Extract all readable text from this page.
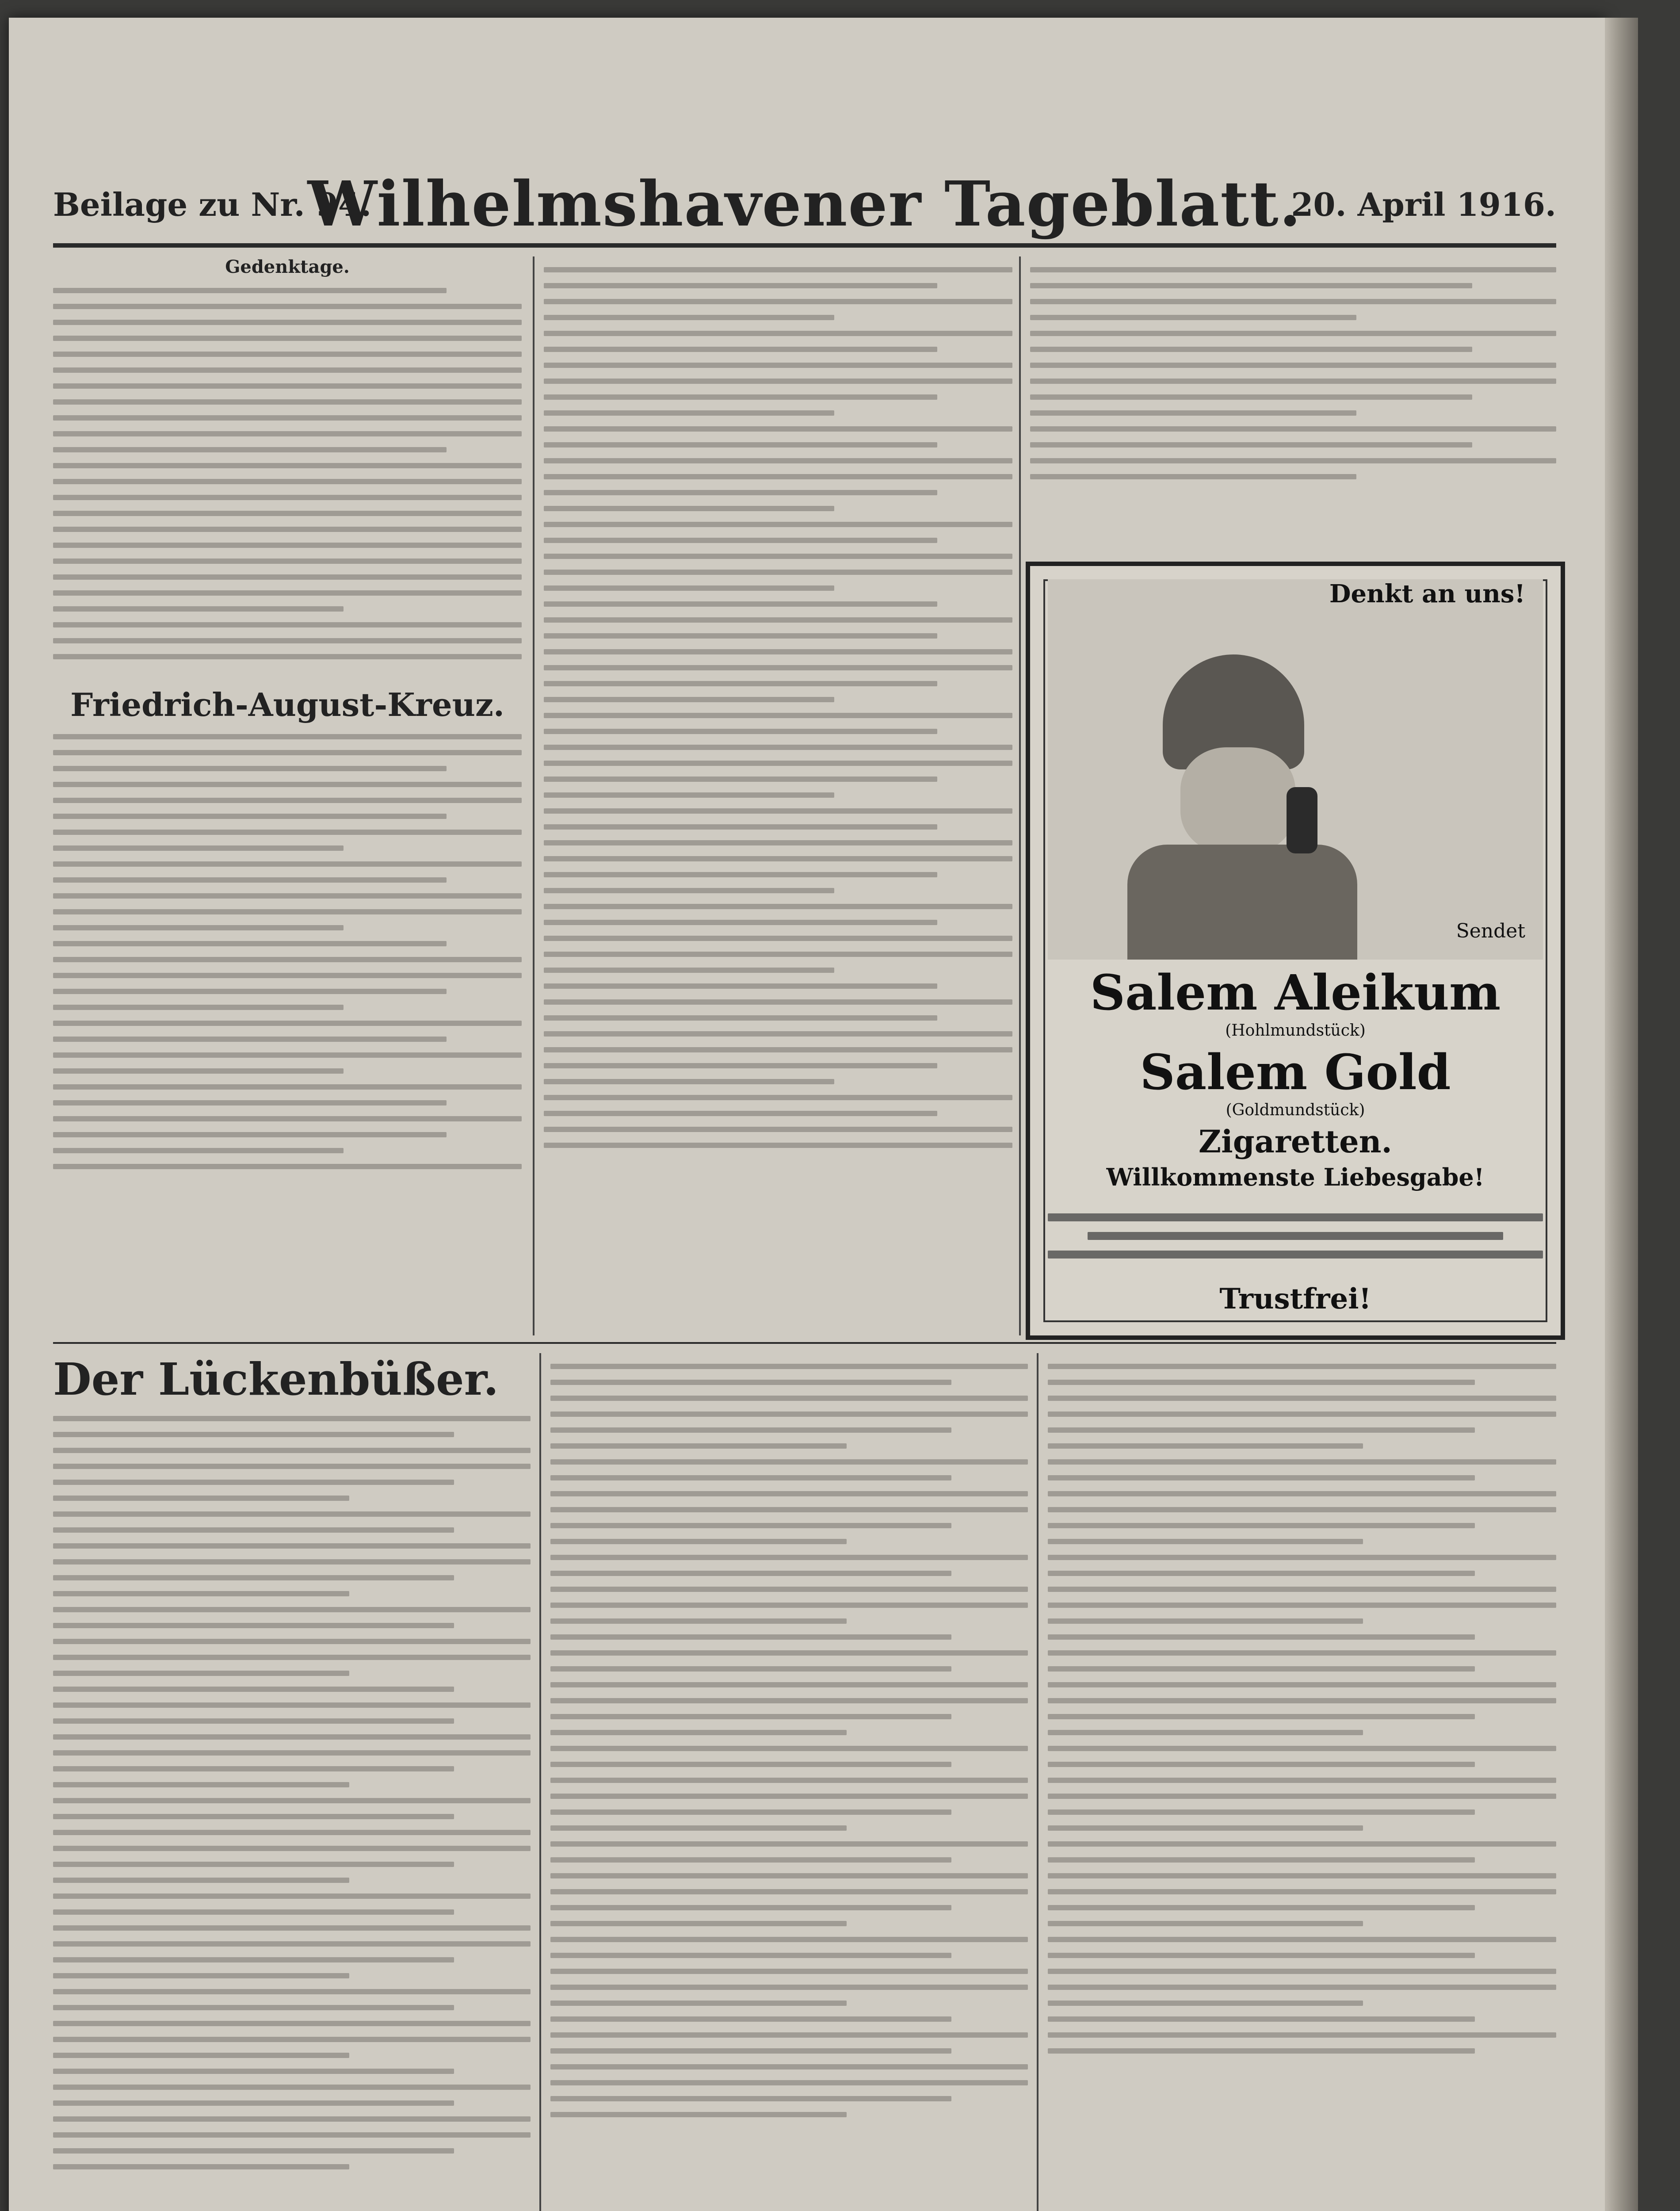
Beilage zu Nr. 94.
Wilhelmshavener Tageblatt.
20. April 1916.
Gedenktage.
Friedrich-August-Kreuz.
Denkt an uns!
Sendet
Salem Aleikum
(Hohlmundstück)
Salem Gold
(Goldmundstück)
Zigaretten.
Willkommenste Liebesgabe!
Trustfrei!
Der Lückenbüßer.
